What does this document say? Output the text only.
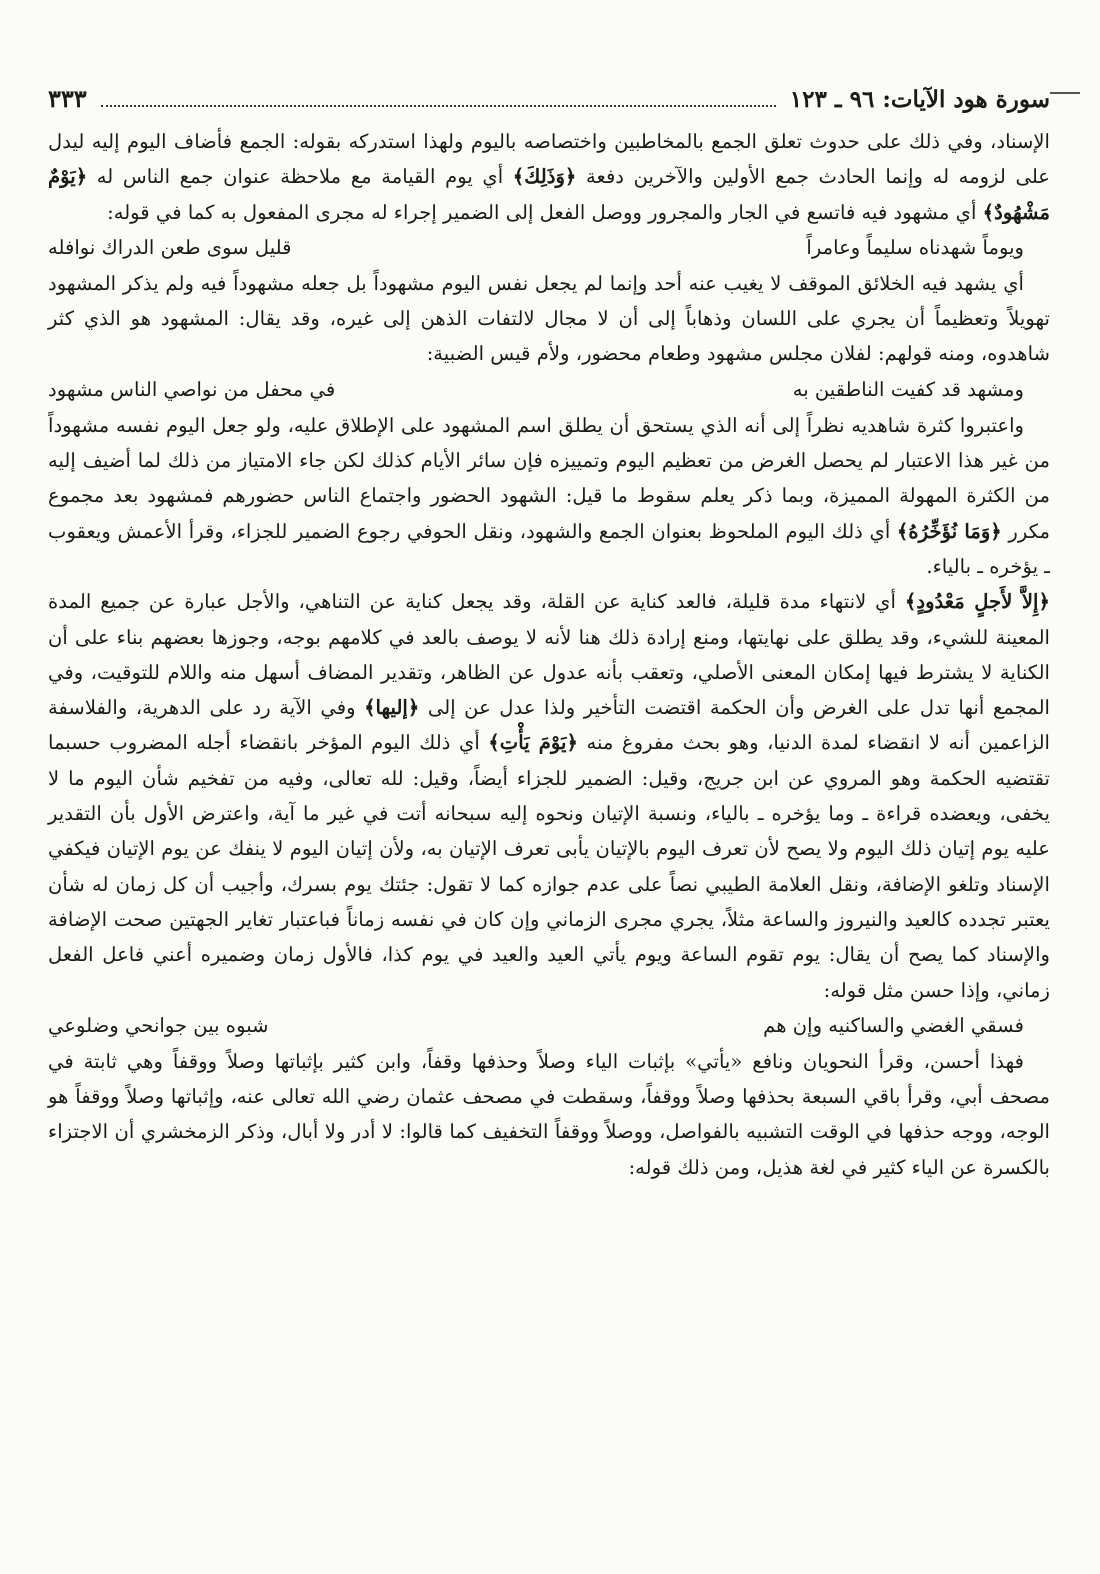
سورة هود الآيات: ٩٦ ـ ١٢٣
٣٣٣

الإسناد، وفي ذلك على حدوث تعلق الجمع بالمخاطبين واختصاصه باليوم ولهذا استدركه بقوله: الجمع فأضاف اليوم إليه ليدل على لزومه له وإنما الحادث جمع الأولين والآخرين دفعة ﴿وَذَلِكَ﴾ أي يوم القيامة مع ملاحظة عنوان جمع الناس له ﴿يَوْمٌ مَشْهُودٌ﴾ أي مشهود فيه فاتسع في الجار والمجرور ووصل الفعل إلى الضمير إجراء له مجرى المفعول به كما في قوله:

ويوماً شهدناه سليماً وعامراً
قليل سوى طعن الدراك نوافله

أي يشهد فيه الخلائق الموقف لا يغيب عنه أحد وإنما لم يجعل نفس اليوم مشهوداً بل جعله مشهوداً فيه ولم يذكر المشهود تهويلاً وتعظيماً أن يجري على اللسان وذهاباً إلى أن لا مجال لالتفات الذهن إلى غيره، وقد يقال: المشهود هو الذي كثر شاهدوه، ومنه قولهم: لفلان مجلس مشهود وطعام محضور، ولأم قيس الضبية:

ومشهد قد كفيت الناطقين به
في محفل من نواصي الناس مشهود

واعتبروا كثرة شاهديه نظراً إلى أنه الذي يستحق أن يطلق اسم المشهود على الإطلاق عليه، ولو جعل اليوم نفسه مشهوداً من غير هذا الاعتبار لم يحصل الغرض من تعظيم اليوم وتمييزه فإن سائر الأيام كذلك لكن جاء الامتياز من ذلك لما أضيف إليه من الكثرة المهولة المميزة، وبما ذكر يعلم سقوط ما قيل: الشهود الحضور واجتماع الناس حضورهم فمشهود بعد مجموع مكرر ﴿وَمَا نُؤَخِّرُهُ﴾ أي ذلك اليوم الملحوظ بعنوان الجمع والشهود، ونقل الحوفي رجوع الضمير للجزاء، وقرأ الأعمش ويعقوب ـ يؤخره ـ بالياء.

﴿إِلاَّ لأَجلٍ مَعْدُودٍ﴾ أي لانتهاء مدة قليلة، فالعد كناية عن القلة، وقد يجعل كناية عن التناهي، والأجل عبارة عن جميع المدة المعينة للشيء، وقد يطلق على نهايتها، ومنع إرادة ذلك هنا لأنه لا يوصف بالعد في كلامهم بوجه، وجوزها بعضهم بناء على أن الكناية لا يشترط فيها إمكان المعنى الأصلي، وتعقب بأنه عدول عن الظاهر، وتقدير المضاف أسهل منه واللام للتوقيت، وفي المجمع أنها تدل على الغرض وأن الحكمة اقتضت التأخير ولذا عدل عن إلى ﴿إليها﴾ وفي الآية رد على الدهرية، والفلاسفة الزاعمين أنه لا انقضاء لمدة الدنيا، وهو بحث مفروغ منه ﴿يَوْمَ يَأْتِ﴾ أي ذلك اليوم المؤخر بانقضاء أجله المضروب حسبما تقتضيه الحكمة وهو المروي عن ابن جريج، وقيل: الضمير للجزاء أيضاً، وقيل: لله تعالى، وفيه من تفخيم شأن اليوم ما لا يخفى، ويعضده قراءة ـ وما يؤخره ـ بالياء، ونسبة الإتيان ونحوه إليه سبحانه أتت في غير ما آية، واعترض الأول بأن التقدير عليه يوم إتيان ذلك اليوم ولا يصح لأن تعرف اليوم بالإتيان يأبى تعرف الإتيان به، ولأن إتيان اليوم لا ينفك عن يوم الإتيان فيكفي الإسناد وتلغو الإضافة، ونقل العلامة الطيبي نصاً على عدم جوازه كما لا تقول: جئتك يوم بسرك، وأجيب أن كل زمان له شأن يعتبر تجدده كالعيد والنيروز والساعة مثلاً، يجري مجرى الزماني وإن كان في نفسه زماناً فباعتبار تغاير الجهتين صحت الإضافة والإسناد كما يصح أن يقال: يوم تقوم الساعة ويوم يأتي العيد والعيد في يوم كذا، فالأول زمان وضميره أعني فاعل الفعل زماني، وإذا حسن مثل قوله:

فسقي الغضي والساكنيه وإن هم
شبوه بين جوانحي وضلوعي

فهذا أحسن، وقرأ النحويان ونافع «يأتي» بإثبات الياء وصلاً وحذفها وقفاً، وابن كثير بإثباتها وصلاً ووقفاً وهي ثابتة في مصحف أبي، وقرأ باقي السبعة بحذفها وصلاً ووقفاً، وسقطت في مصحف عثمان رضي الله تعالى عنه، وإثباتها وصلاً ووقفاً هو الوجه، ووجه حذفها في الوقت التشبيه بالفواصل، ووصلاً ووقفاً التخفيف كما قالوا: لا أدر ولا أبال، وذكر الزمخشري أن الاجتزاء بالكسرة عن الياء كثير في لغة هذيل، ومن ذلك قوله:
